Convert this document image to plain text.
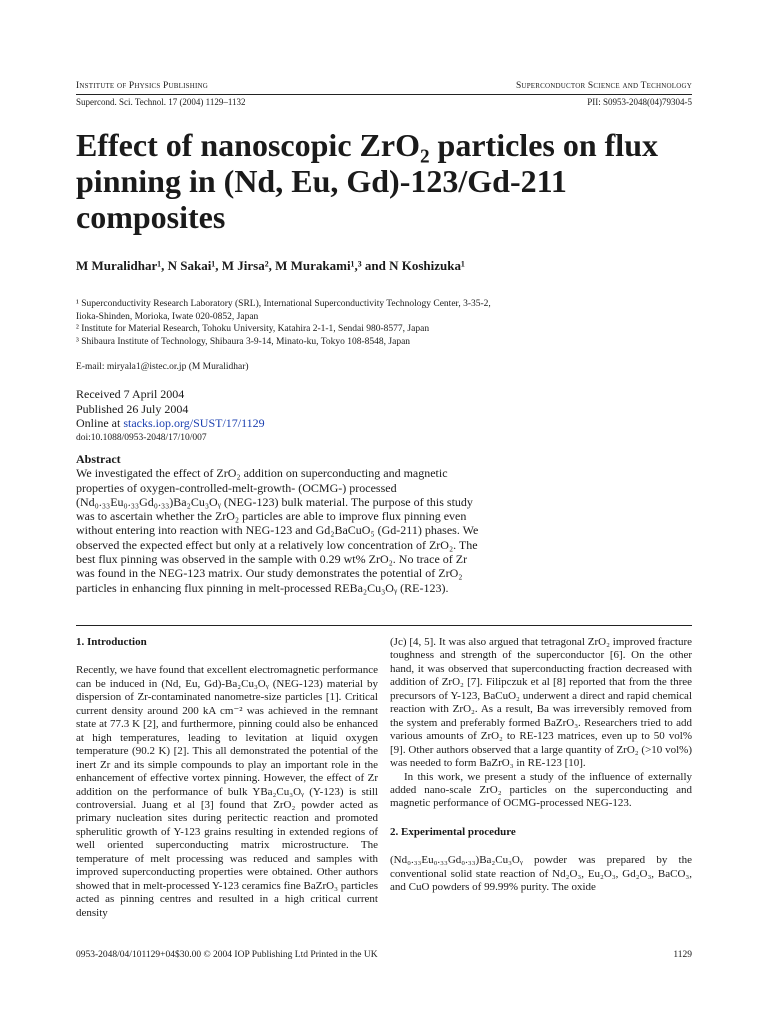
Institute of Physics Publishing	Superconductor Science and Technology
Supercond. Sci. Technol. 17 (2004) 1129–1132	PII: S0953-2048(04)79304-5
Effect of nanoscopic ZrO₂ particles on flux pinning in (Nd, Eu, Gd)-123/Gd-211 composites
M Muralidhar¹, N Sakai¹, M Jirsa², M Murakami¹,³ and N Koshizuka¹

¹ Superconductivity Research Laboratory (SRL), International Superconductivity Technology Center, 3-35-2, Iioka-Shinden, Morioka, Iwate 020-0852, Japan

² Institute for Material Research, Tohoku University, Katahira 2-1-1, Sendai 980-8577, Japan

³ Shibaura Institute of Technology, Shibaura 3-9-14, Minato-ku, Tokyo 108-8548, Japan

E-mail: miryala1@istec.or.jp (M Muralidhar)
Received 7 April 2004
Published 26 July 2004
Online at stacks.iop.org/SUST/17/1129
doi:10.1088/0953-2048/17/10/007
Abstract

We investigated the effect of ZrO₂ addition on superconducting and magnetic properties of oxygen-controlled-melt-growth- (OCMG-) processed (Nd₀.₃₃Eu₀.₃₃Gd₀.₃₃)Ba₂Cu₃Oᵧ (NEG-123) bulk material. The purpose of this study was to ascertain whether the ZrO₂ particles are able to improve flux pinning even without entering into reaction with NEG-123 and Gd₂BaCuO₅ (Gd-211) phases. We observed the expected effect but only at a relatively low concentration of ZrO₂. The best flux pinning was observed in the sample with 0.29 wt% ZrO₂. No trace of Zr was found in the NEG-123 matrix. Our study demonstrates the potential of ZrO₂ particles in enhancing flux pinning in melt-processed REBa₂Cu₃Oᵧ (RE-123).

1. Introduction

Recently, we have found that excellent electromagnetic performance can be induced in (Nd, Eu, Gd)-Ba₂Cu₃Oᵧ (NEG-123) material by dispersion of Zr-contaminated nanometre-size particles [1]. Critical current density around 200 kA cm⁻² was achieved in the remnant state at 77.3 K [2], and furthermore, pinning could also be enhanced at high temperatures, leading to levitation at liquid oxygen temperature (90.2 K) [2]. This all demonstrated the potential of the inert Zr and its simple compounds to play an important role in the enhancement of effective vortex pinning. However, the effect of Zr addition on the performance of bulk YBa₂Cu₃Oᵧ (Y-123) is still controversial. Juang et al [3] found that ZrO₂ powder acted as primary nucleation sites during peritectic reaction and promoted spherulitic growth of Y-123 grains resulting in extended regions of well oriented superconducting matrix microstructure. The temperature of melt processing was reduced and samples with improved superconducting properties were obtained. Other authors showed that in melt-processed Y-123 ceramics fine BaZrO₃ particles acted as pinning centres and resulted in a high critical current density

(Jc) [4, 5]. It was also argued that tetragonal ZrO₂ improved fracture toughness and strength of the superconductor [6]. On the other hand, it was observed that superconducting fraction decreased with addition of ZrO₂ [7]. Filipczuk et al [8] reported that from the three precursors of Y-123, BaCuO₂ underwent a direct and rapid chemical reaction with ZrO₂. As a result, Ba was irreversibly removed from the system and preferably formed BaZrO₃. Researchers tried to add various amounts of ZrO₂ to RE-123 matrices, even up to 50 vol% [9]. Other authors observed that a large quantity of ZrO₂ (>10 vol%) was needed to form BaZrO₃ in RE-123 [10].

In this work, we present a study of the influence of externally added nano-scale ZrO₂ particles on the superconducting and magnetic performance of OCMG-processed NEG-123.

2. Experimental procedure

(Nd₀.₃₃Eu₀.₃₃Gd₀.₃₃)Ba₂Cu₃Oᵧ powder was prepared by the conventional solid state reaction of Nd₂O₃, Eu₂O₃, Gd₂O₃, BaCO₃, and CuO powders of 99.99% purity. The oxide

0953-2048/04/101129+04$30.00 © 2004 IOP Publishing Ltd Printed in the UK	1129
